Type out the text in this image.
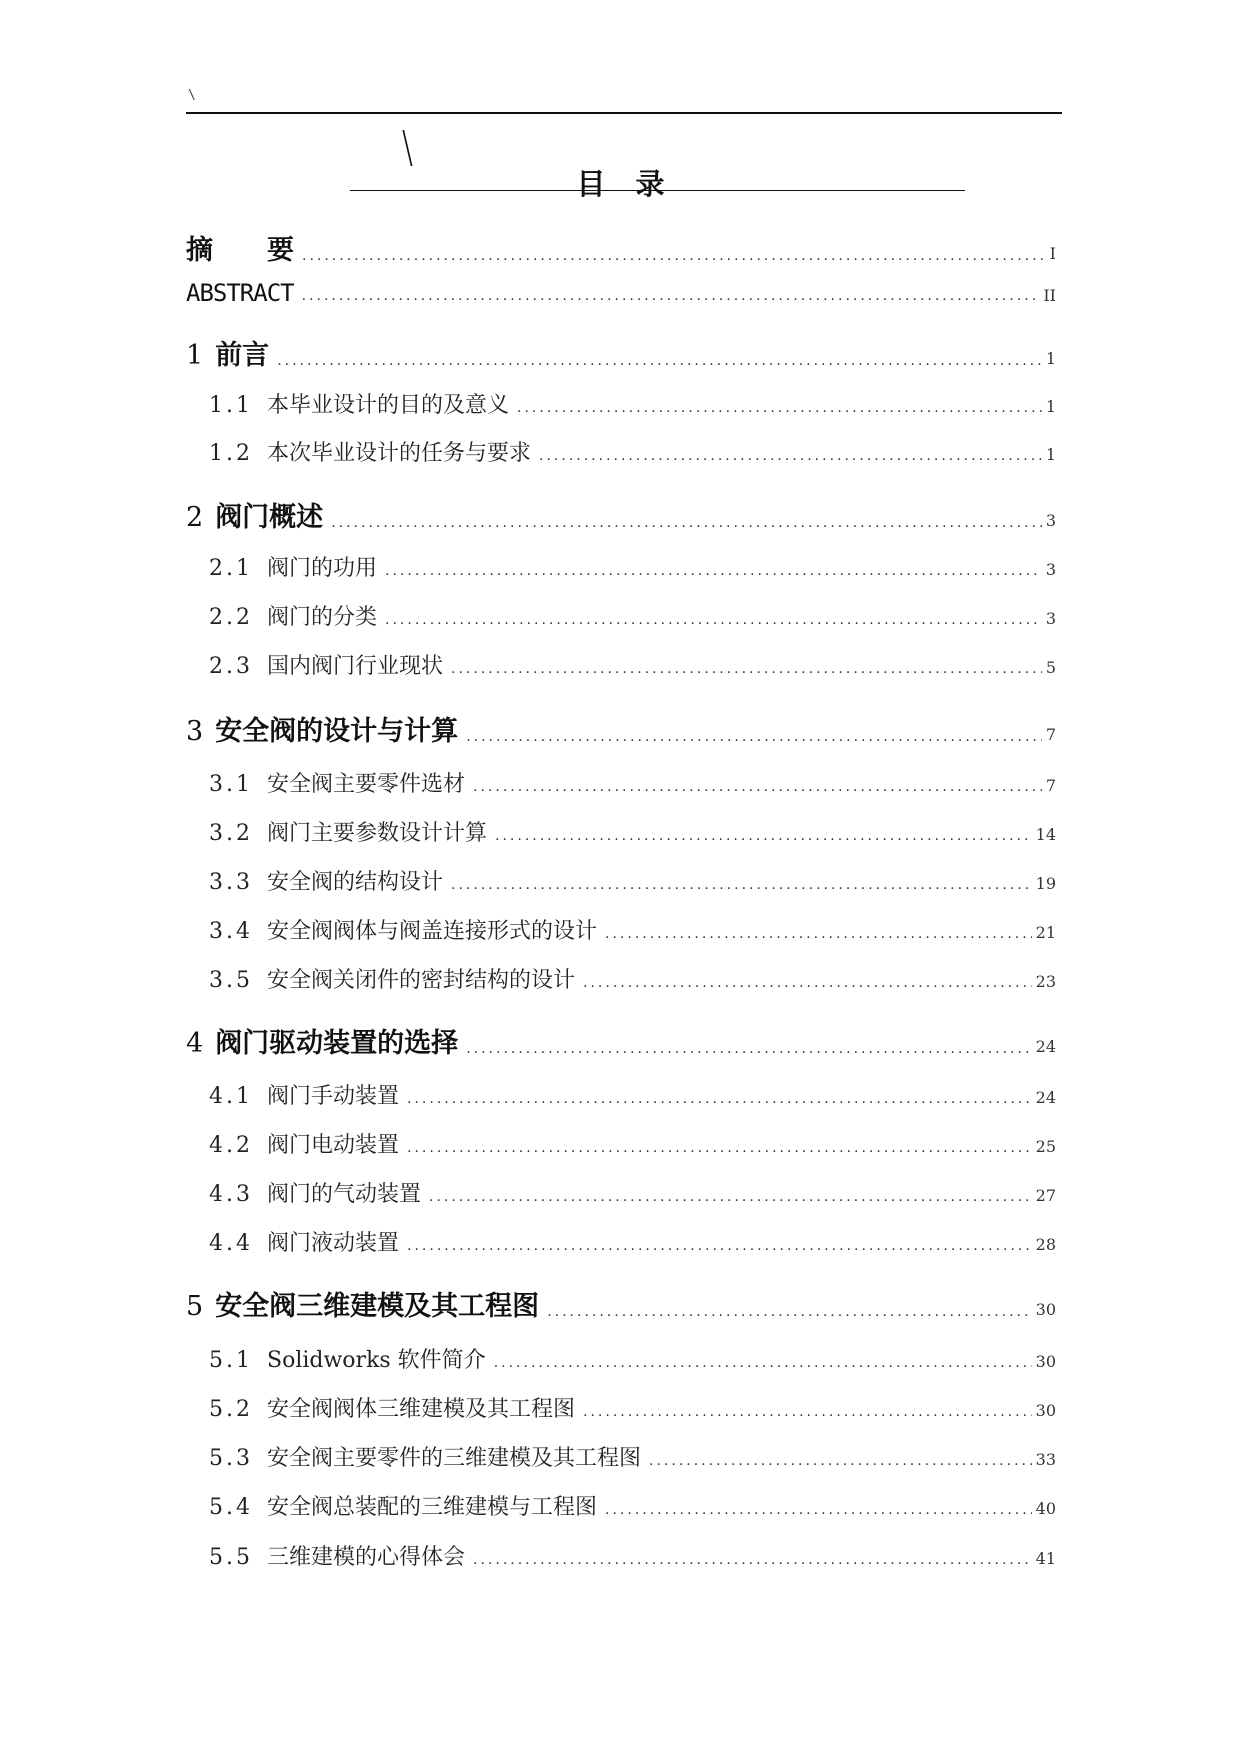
\
\
目录
摘　　要 .....	I
ABSTRACT .....	II
1 前言 .....	1
1.1 本毕业设计的目的及意义 .....	1
1.2 本次毕业设计的任务与要求 .....	1
2 阀门概述 .....	3
2.1 阀门的功用 .....	3
2.2 阀门的分类 .....	3
2.3 国内阀门行业现状 .....	5
3 安全阀的设计与计算 .....	7
3.1 安全阀主要零件选材 .....	7
3.2 阀门主要参数设计计算 .....	14
3.3 安全阀的结构设计 .....	19
3.4 安全阀阀体与阀盖连接形式的设计 .....	21
3.5 安全阀关闭件的密封结构的设计 .....	23
4 阀门驱动装置的选择 .....	24
4.1 阀门手动装置 .....	24
4.2 阀门电动装置 .....	25
4.3 阀门的气动装置 .....	27
4.4 阀门液动装置 .....	28
5 安全阀三维建模及其工程图 .....	30
5.1 Solidworks 软件简介 .....	30
5.2 安全阀阀体三维建模及其工程图 .....	30
5.3 安全阀主要零件的三维建模及其工程图 .....	33
5.4 安全阀总装配的三维建模与工程图 .....	40
5.5 三维建模的心得体会 .....	41
